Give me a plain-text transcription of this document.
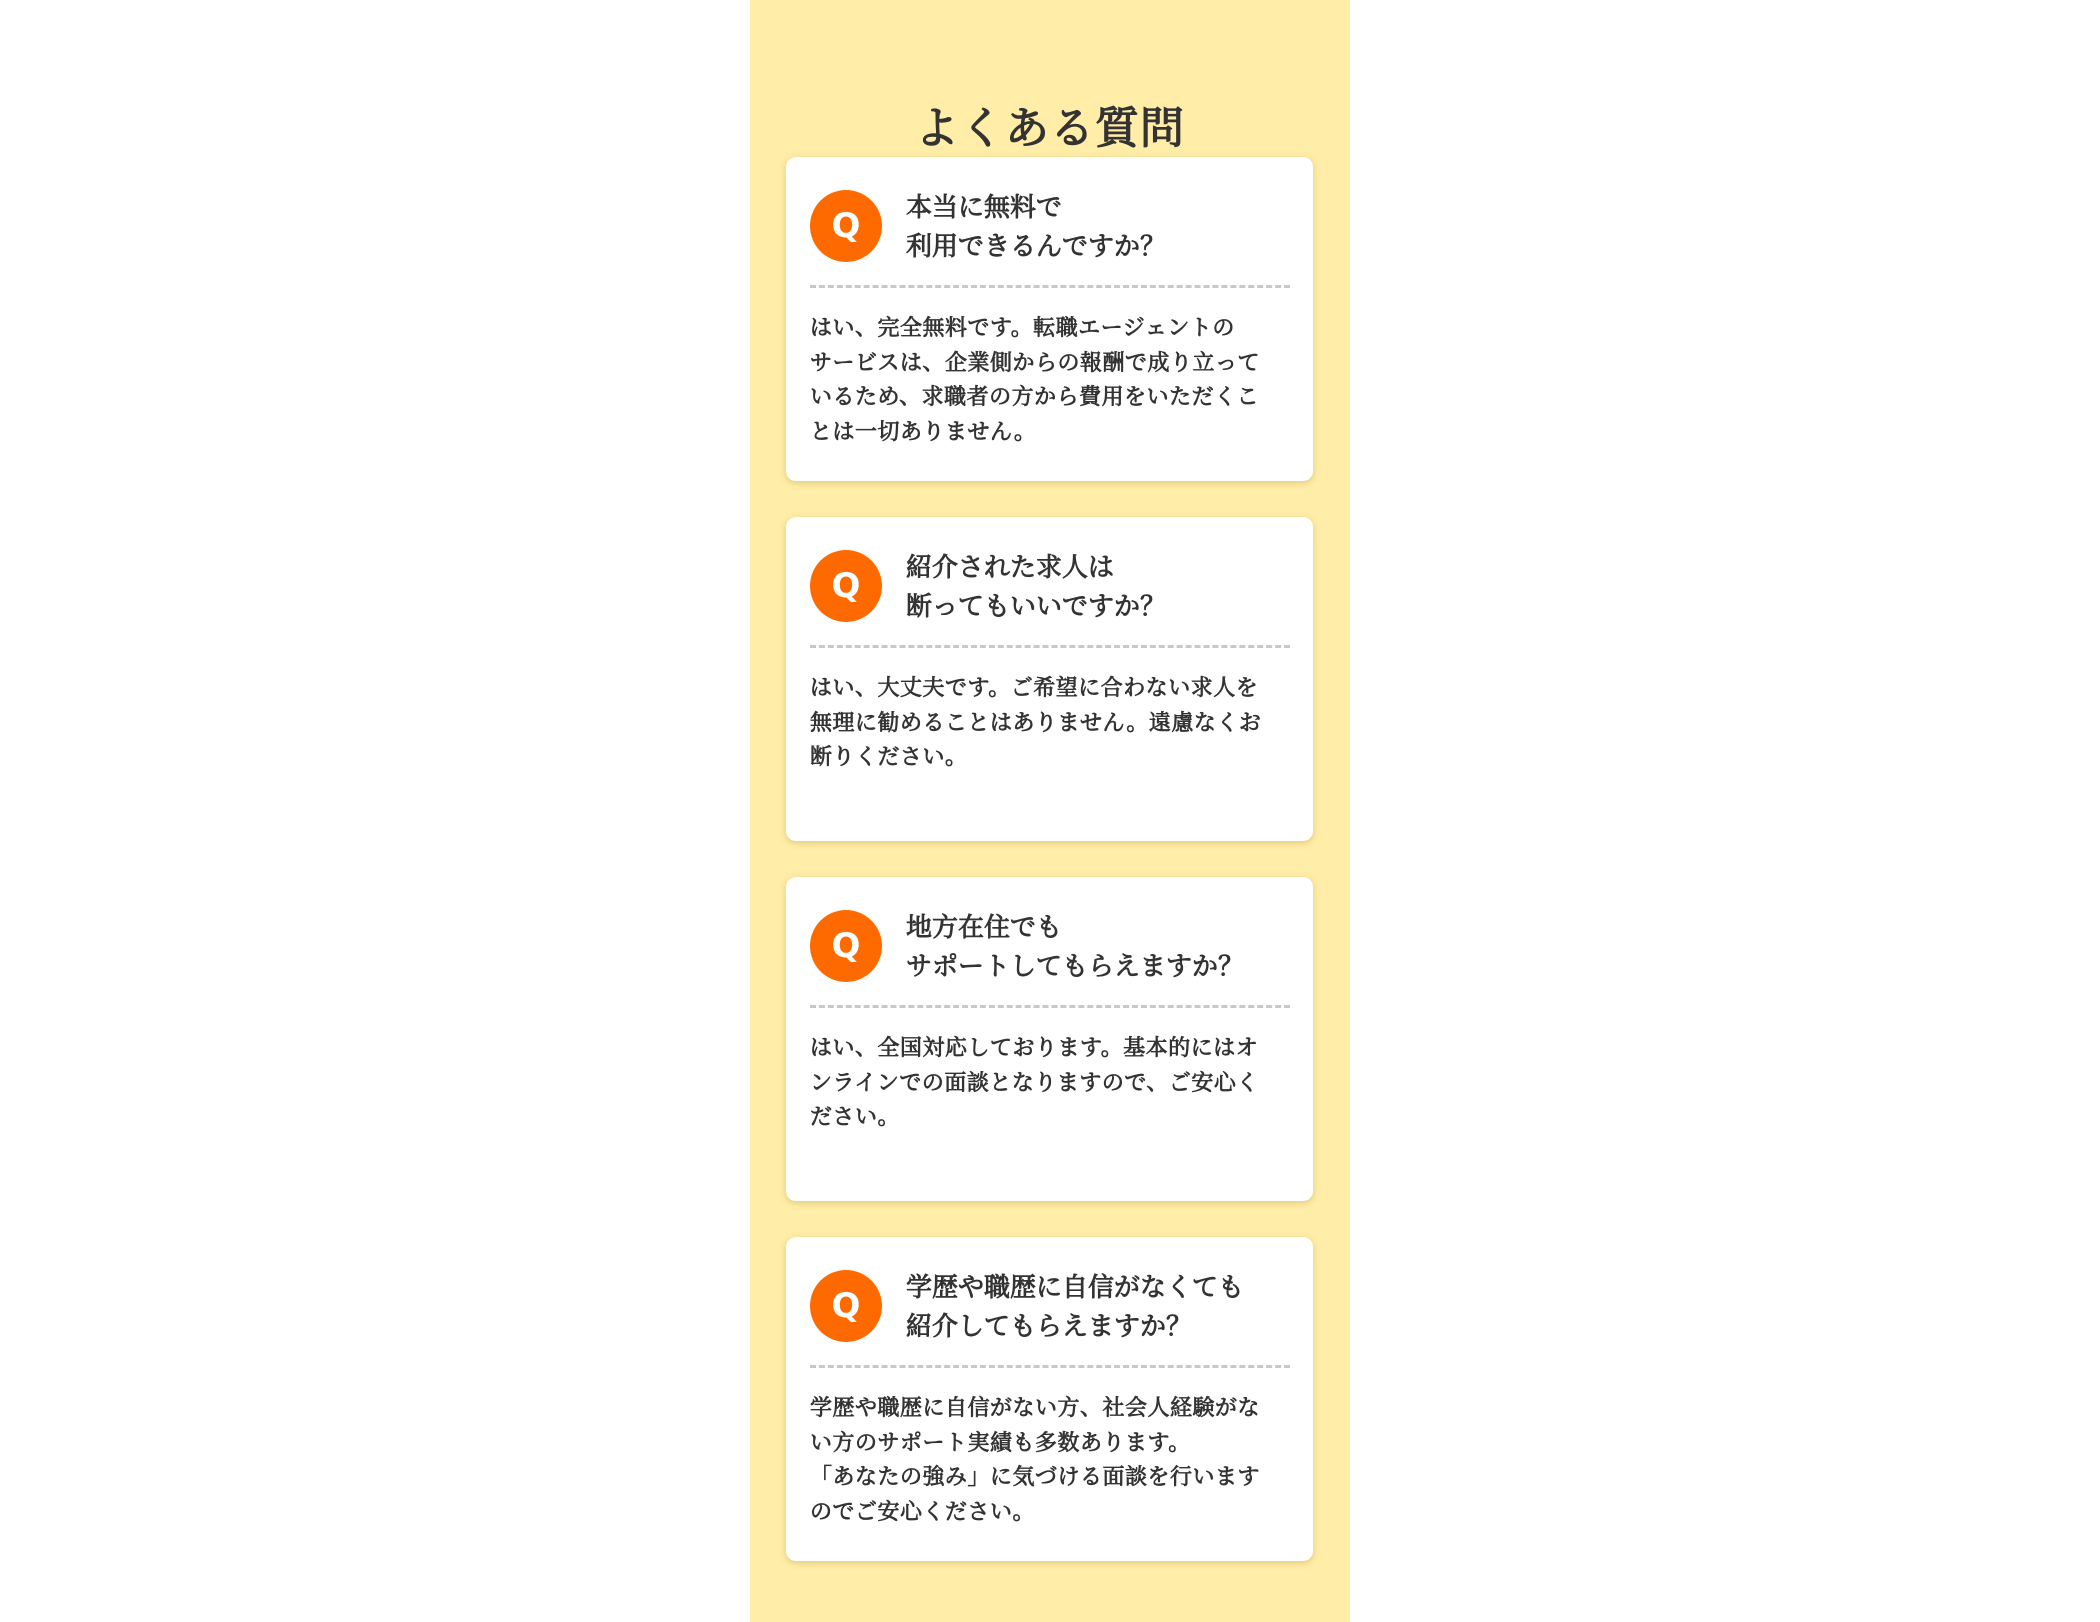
よくある質問
Q	本当に無料で
利用できるんですか？
はい、完全無料です。転職エージェントの
サービスは、企業側からの報酬で成り立って
いるため、求職者の方から費用をいただくこ
とは一切ありません。
Q	紹介された求人は
断ってもいいですか？
はい、大丈夫です。ご希望に合わない求人を
無理に勧めることはありません。遠慮なくお
断りください。
Q	地方在住でも
サポートしてもらえますか？
はい、全国対応しております。基本的にはオ
ンラインでの面談となりますので、ご安心く
ださい。
Q	学歴や職歴に自信がなくても
紹介してもらえますか？
学歴や職歴に自信がない方、社会人経験がな
い方のサポート実績も多数あります。
「あなたの強み」に気づける面談を行います
のでご安心ください。
